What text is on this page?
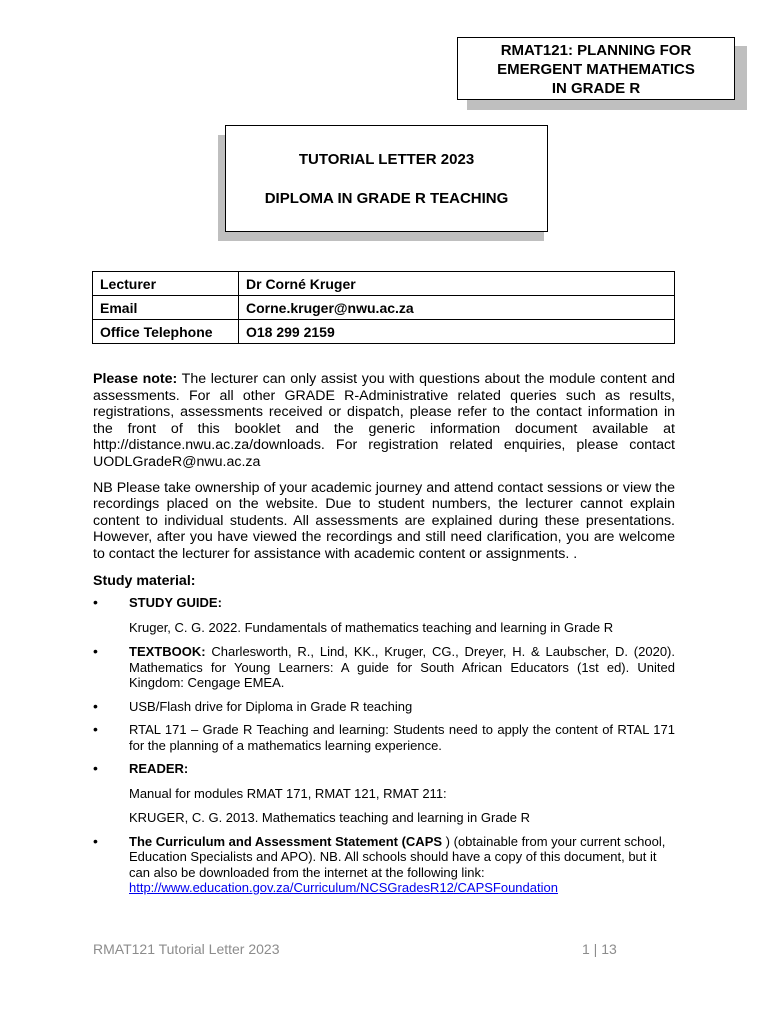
RMAT121: PLANNING FOR
EMERGENT MATHEMATICS
IN GRADE R
TUTORIAL LETTER 2023
DIPLOMA IN GRADE R TEACHING
Lecturer	Dr Corné Kruger
Email	Corne.kruger@nwu.ac.za
Office Telephone	O18 299 2159

Please note: The lecturer can only assist you with questions about the module content and assessments. For all other GRADE R-Administrative related queries such as results, registrations, assessments received or dispatch, please refer to the contact information in the front of this booklet and the generic information document available at http://distance.nwu.ac.za/downloads. For registration related enquiries, please contact UODLGradeR@nwu.ac.za

NB Please take ownership of your academic journey and attend contact sessions or view the recordings placed on the website. Due to student numbers, the lecturer cannot explain content to individual students. All assessments are explained during these presentations. However, after you have viewed the recordings and still need clarification, you are welcome to contact the lecturer for assistance with academic content or assignments. .

Study material:
• STUDY GUIDE:
Kruger, C. G. 2022. Fundamentals of mathematics teaching and learning in Grade R
• TEXTBOOK: Charlesworth, R., Lind, KK., Kruger, CG., Dreyer, H. & Laubscher, D. (2020). Mathematics for Young Learners: A guide for South African Educators (1st ed). United Kingdom: Cengage EMEA.
• USB/Flash drive for Diploma in Grade R teaching
• RTAL 171 – Grade R Teaching and learning: Students need to apply the content of RTAL 171 for the planning of a mathematics learning experience.
• READER:
Manual for modules RMAT 171, RMAT 121, RMAT 211:
KRUGER, C. G. 2013. Mathematics teaching and learning in Grade R
• The Curriculum and Assessment Statement (CAPS ) (obtainable from your current school, Education Specialists and APO). NB. All schools should have a copy of this document, but it can also be downloaded from the internet at the following link:
http://www.education.gov.za/Curriculum/NCSGradesR12/CAPSFoundation
RMAT121 Tutorial Letter 2023	1 | 13
